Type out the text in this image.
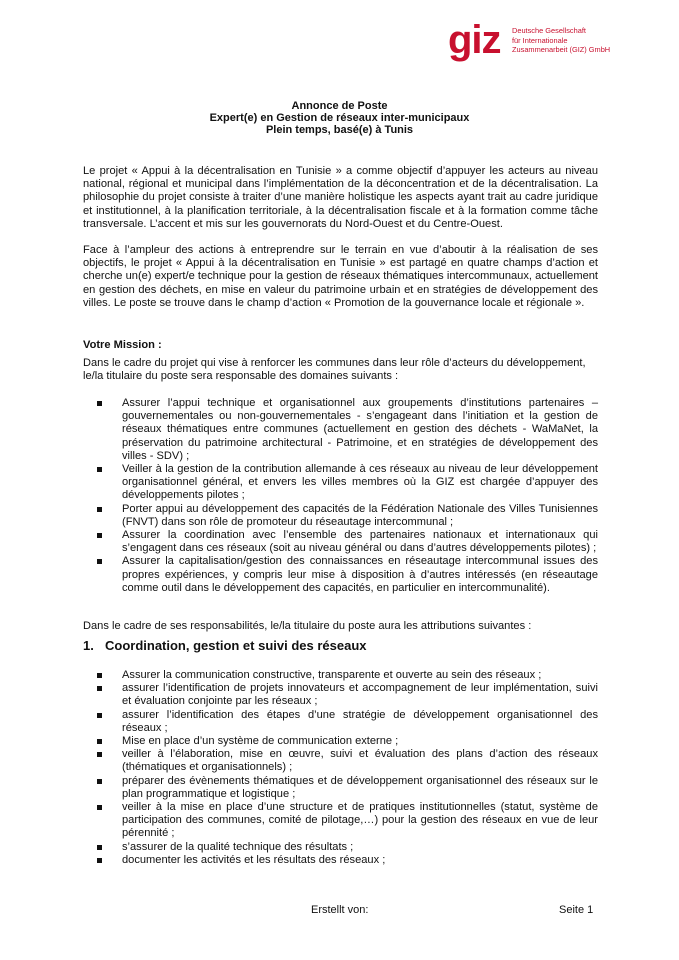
giz Deutsche Gesellschaft
für Internationale
Zusammenarbeit (GIZ) GmbH
Annonce de Poste
Expert(e) en Gestion de réseaux inter-municipaux
Plein temps, basé(e) à Tunis
Le projet « Appui à la décentralisation en Tunisie » a comme objectif d’appuyer les acteurs au niveau national, régional et municipal dans l’implémentation de la déconcentration et de la décentralisation. La philosophie du projet consiste à traiter d’une manière holistique les aspects ayant trait au cadre juridique et institutionnel, à la planification territoriale, à la décentralisation fiscale et à la formation comme tâche transversale. L’accent et mis sur les gouvernorats du Nord-Ouest et du Centre-Ouest.
Face à l’ampleur des actions à entreprendre sur le terrain en vue d’aboutir à la réalisation de ses objectifs, le projet « Appui à la décentralisation en Tunisie » est partagé en quatre champs d’action et cherche un(e) expert/e technique pour la gestion de réseaux thématiques intercommunaux, actuellement en gestion des déchets, en mise en valeur du patrimoine urbain et en stratégies de développement des villes. Le poste se trouve dans le champ d’action « Promotion de la gouvernance locale et régionale ».
Votre Mission :
Dans le cadre du projet qui vise à renforcer les communes dans leur rôle d’acteurs du développement, le/la titulaire du poste sera responsable des domaines suivants :
Assurer l’appui technique et organisationnel aux groupements d’institutions partenaires – gouvernementales ou non-gouvernementales - s’engageant dans l’initiation et la gestion de réseaux thématiques entre communes (actuellement en gestion des déchets - WaMaNet, la préservation du patrimoine architectural - Patrimoine, et en stratégies de développement des villes - SDV) ;
Veiller à la gestion de la contribution allemande à ces réseaux au niveau de leur développement organisationnel général, et envers les villes membres où la GIZ est chargée d’appuyer des développements pilotes ;
Porter appui au développement des capacités de la Fédération Nationale des Villes Tunisiennes (FNVT) dans son rôle de promoteur du réseautage intercommunal ;
Assurer la coordination avec l’ensemble des partenaires nationaux et internationaux qui s’engagent dans ces réseaux (soit au niveau général ou dans d’autres développements pilotes) ;
Assurer la capitalisation/gestion des connaissances en réseautage intercommunal issues des propres expériences, y compris leur mise à disposition à d’autres intéressés (en réseautage comme outil dans le développement des capacités, en particulier en intercommunalité).
Dans le cadre de ses responsabilités, le/la titulaire du poste aura les attributions suivantes :
1. Coordination, gestion et suivi des réseaux
Assurer la communication constructive, transparente et ouverte au sein des réseaux ;
assurer l’identification de projets innovateurs et accompagnement de leur implémentation, suivi et évaluation conjointe par les réseaux ;
assurer l’identification des étapes d’une stratégie de développement organisationnel des réseaux ;
Mise en place d’un système de communication externe ;
veiller à l’élaboration, mise en œuvre, suivi et évaluation des plans d’action des réseaux (thématiques et organisationnels) ;
préparer des évènements thématiques et de développement organisationnel des réseaux sur le plan programmatique et logistique ;
veiller à la mise en place d’une structure et de pratiques institutionnelles (statut, système de participation des communes, comité de pilotage,…) pour la gestion des réseaux en vue de leur pérennité ;
s’assurer de la qualité technique des résultats ;
documenter les activités et les résultats des réseaux ;
Erstellt von:	Seite 1
